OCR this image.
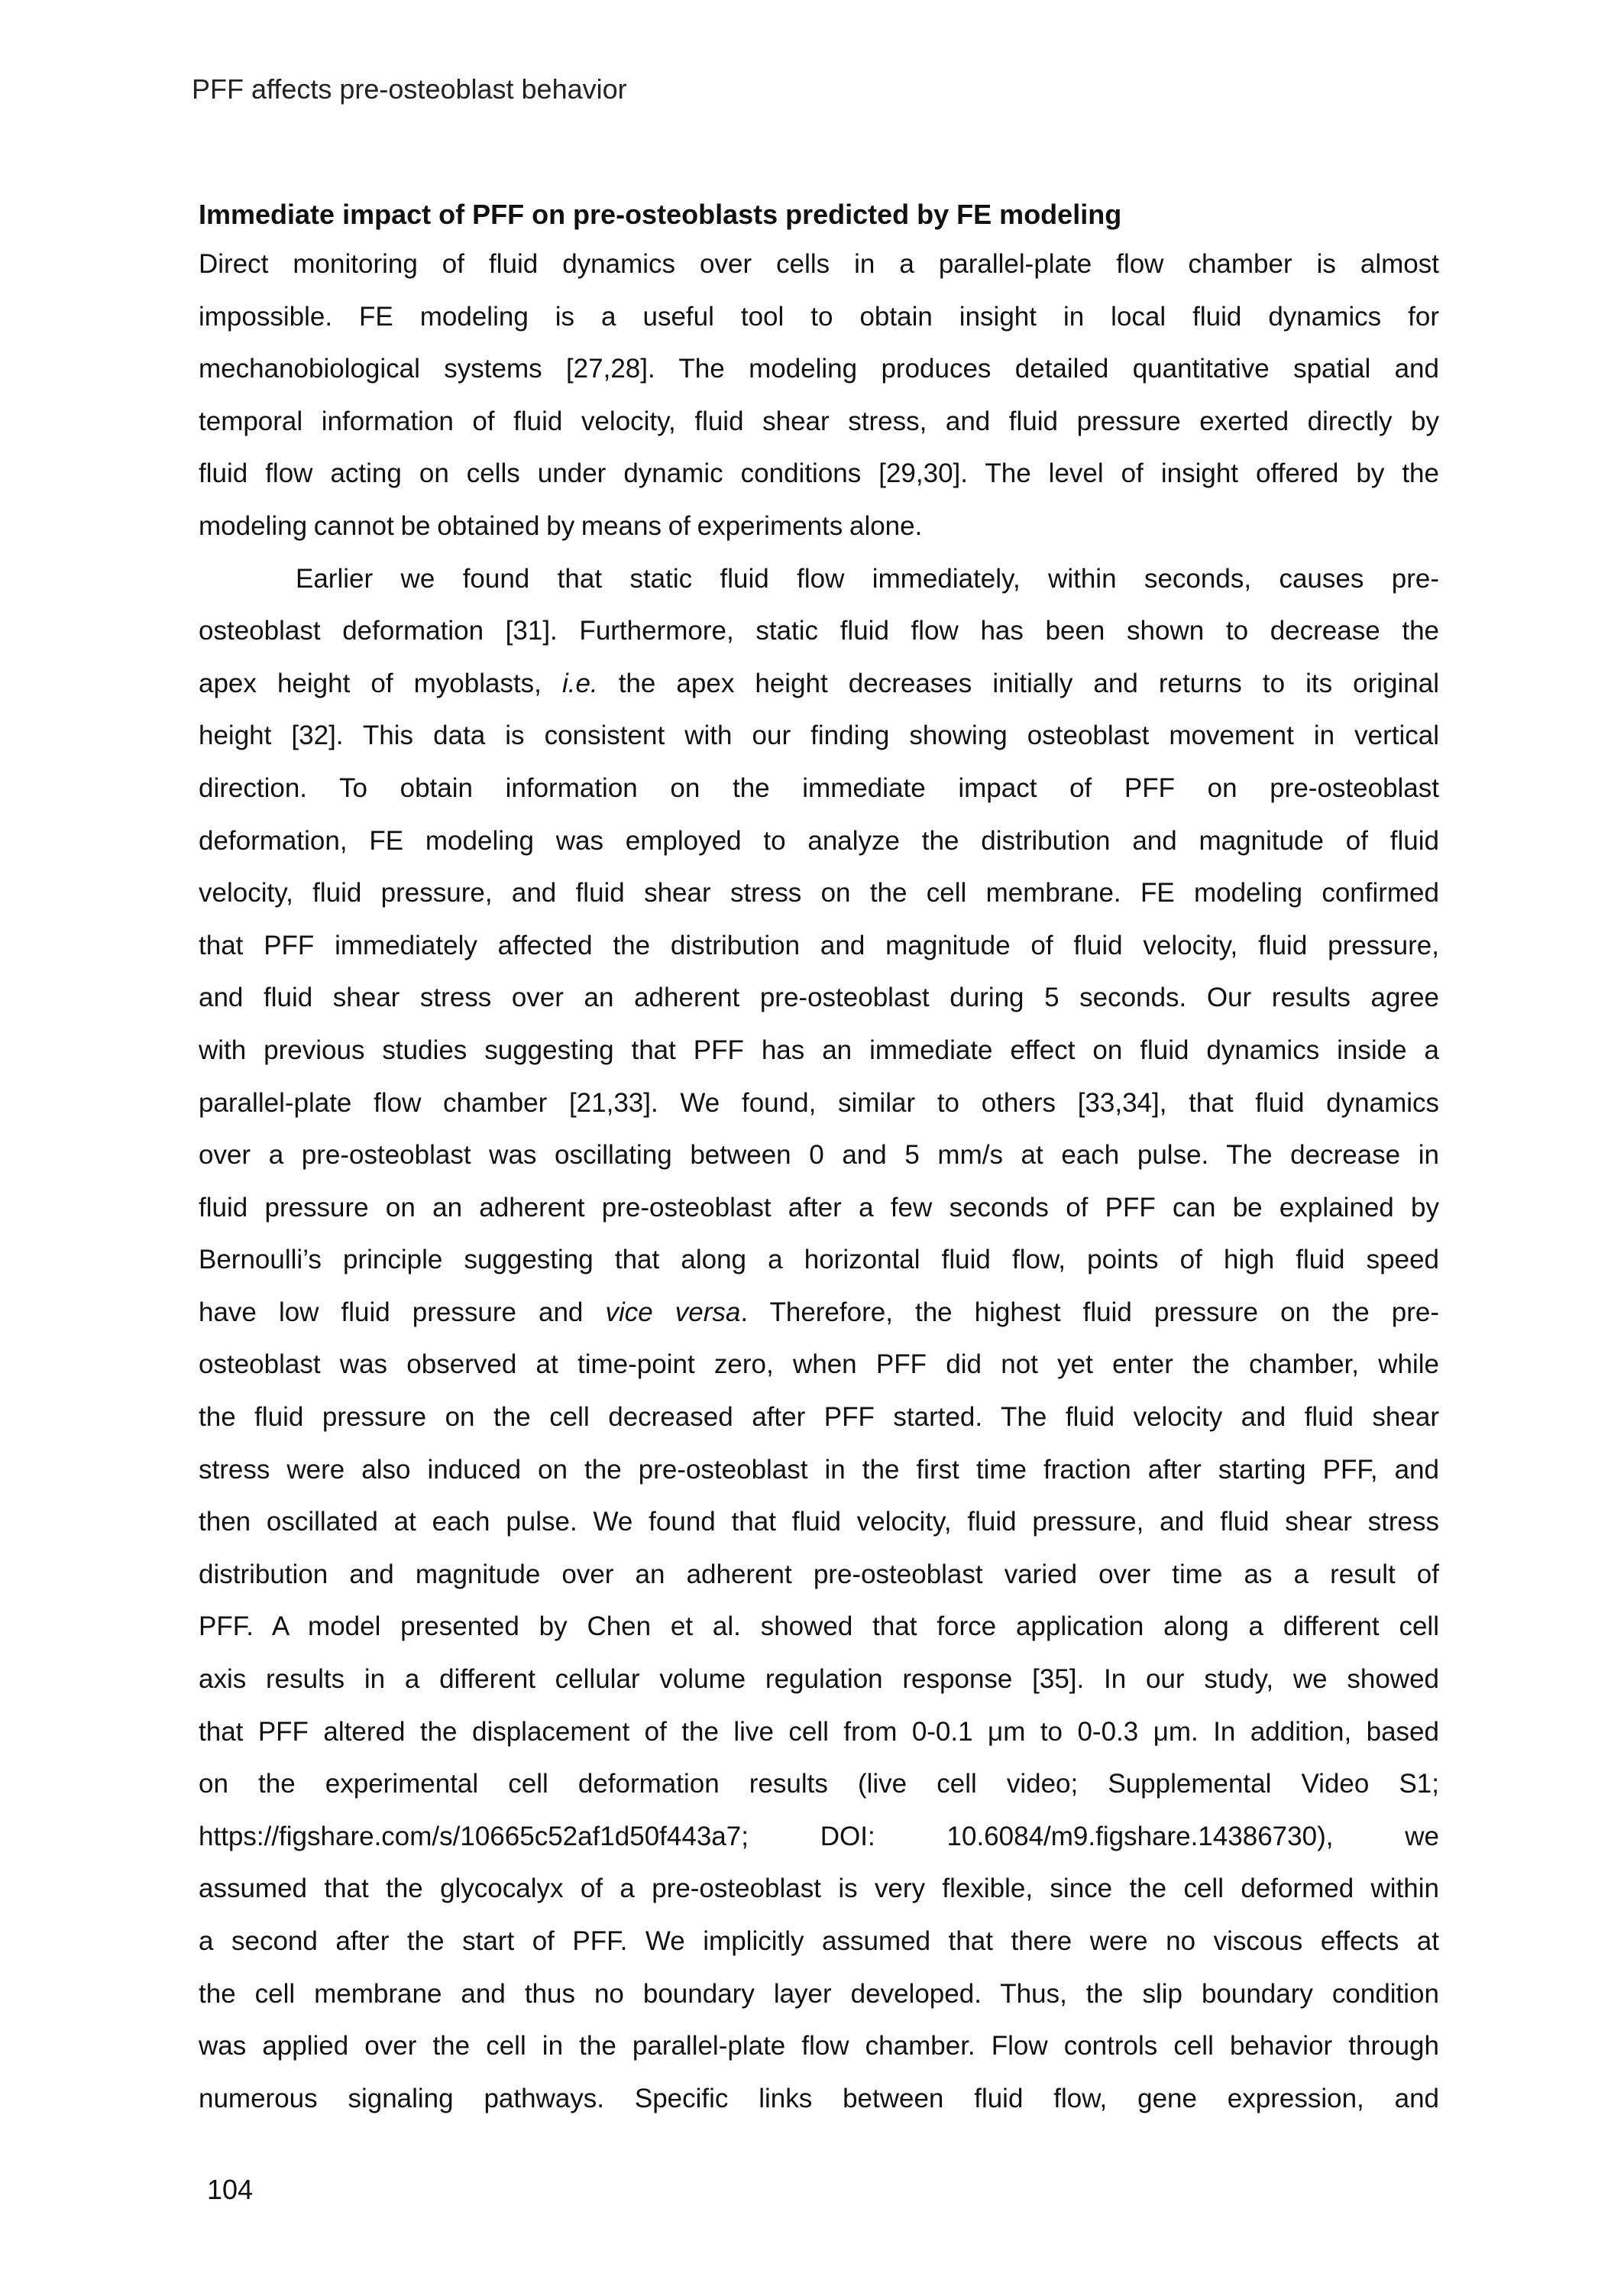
PFF affects pre-osteoblast behavior
Immediate impact of PFF on pre-osteoblasts predicted by FE modeling
Direct monitoring of fluid dynamics over cells in a parallel-plate flow chamber is almost
impossible. FE modeling is a useful tool to obtain insight in local fluid dynamics for
mechanobiological systems [27,28]. The modeling produces detailed quantitative spatial and
temporal information of fluid velocity, fluid shear stress, and fluid pressure exerted directly by
fluid flow acting on cells under dynamic conditions [29,30]. The level of insight offered by the
modeling cannot be obtained by means of experiments alone.
Earlier we found that static fluid flow immediately, within seconds, causes pre-
osteoblast deformation [31]. Furthermore, static fluid flow has been shown to decrease the
apex height of myoblasts, i.e. the apex height decreases initially and returns to its original
height [32]. This data is consistent with our finding showing osteoblast movement in vertical
direction. To obtain information on the immediate impact of PFF on pre-osteoblast
deformation, FE modeling was employed to analyze the distribution and magnitude of fluid
velocity, fluid pressure, and fluid shear stress on the cell membrane. FE modeling confirmed
that PFF immediately affected the distribution and magnitude of fluid velocity, fluid pressure,
and fluid shear stress over an adherent pre-osteoblast during 5 seconds. Our results agree
with previous studies suggesting that PFF has an immediate effect on fluid dynamics inside a
parallel-plate flow chamber [21,33]. We found, similar to others [33,34], that fluid dynamics
over a pre-osteoblast was oscillating between 0 and 5 mm/s at each pulse. The decrease in
fluid pressure on an adherent pre-osteoblast after a few seconds of PFF can be explained by
Bernoulli’s principle suggesting that along a horizontal fluid flow, points of high fluid speed
have low fluid pressure and vice versa. Therefore, the highest fluid pressure on the pre-
osteoblast was observed at time-point zero, when PFF did not yet enter the chamber, while
the fluid pressure on the cell decreased after PFF started. The fluid velocity and fluid shear
stress were also induced on the pre-osteoblast in the first time fraction after starting PFF, and
then oscillated at each pulse. We found that fluid velocity, fluid pressure, and fluid shear stress
distribution and magnitude over an adherent pre-osteoblast varied over time as a result of
PFF. A model presented by Chen et al. showed that force application along a different cell
axis results in a different cellular volume regulation response [35]. In our study, we showed
that PFF altered the displacement of the live cell from 0-0.1 μm to 0-0.3 μm. In addition, based
on the experimental cell deformation results (live cell video; Supplemental Video S1;
https://figshare.com/s/10665c52af1d50f443a7; DOI: 10.6084/m9.figshare.14386730), we
assumed that the glycocalyx of a pre-osteoblast is very flexible, since the cell deformed within
a second after the start of PFF. We implicitly assumed that there were no viscous effects at
the cell membrane and thus no boundary layer developed. Thus, the slip boundary condition
was applied over the cell in the parallel-plate flow chamber. Flow controls cell behavior through
numerous signaling pathways. Specific links between fluid flow, gene expression, and
104
